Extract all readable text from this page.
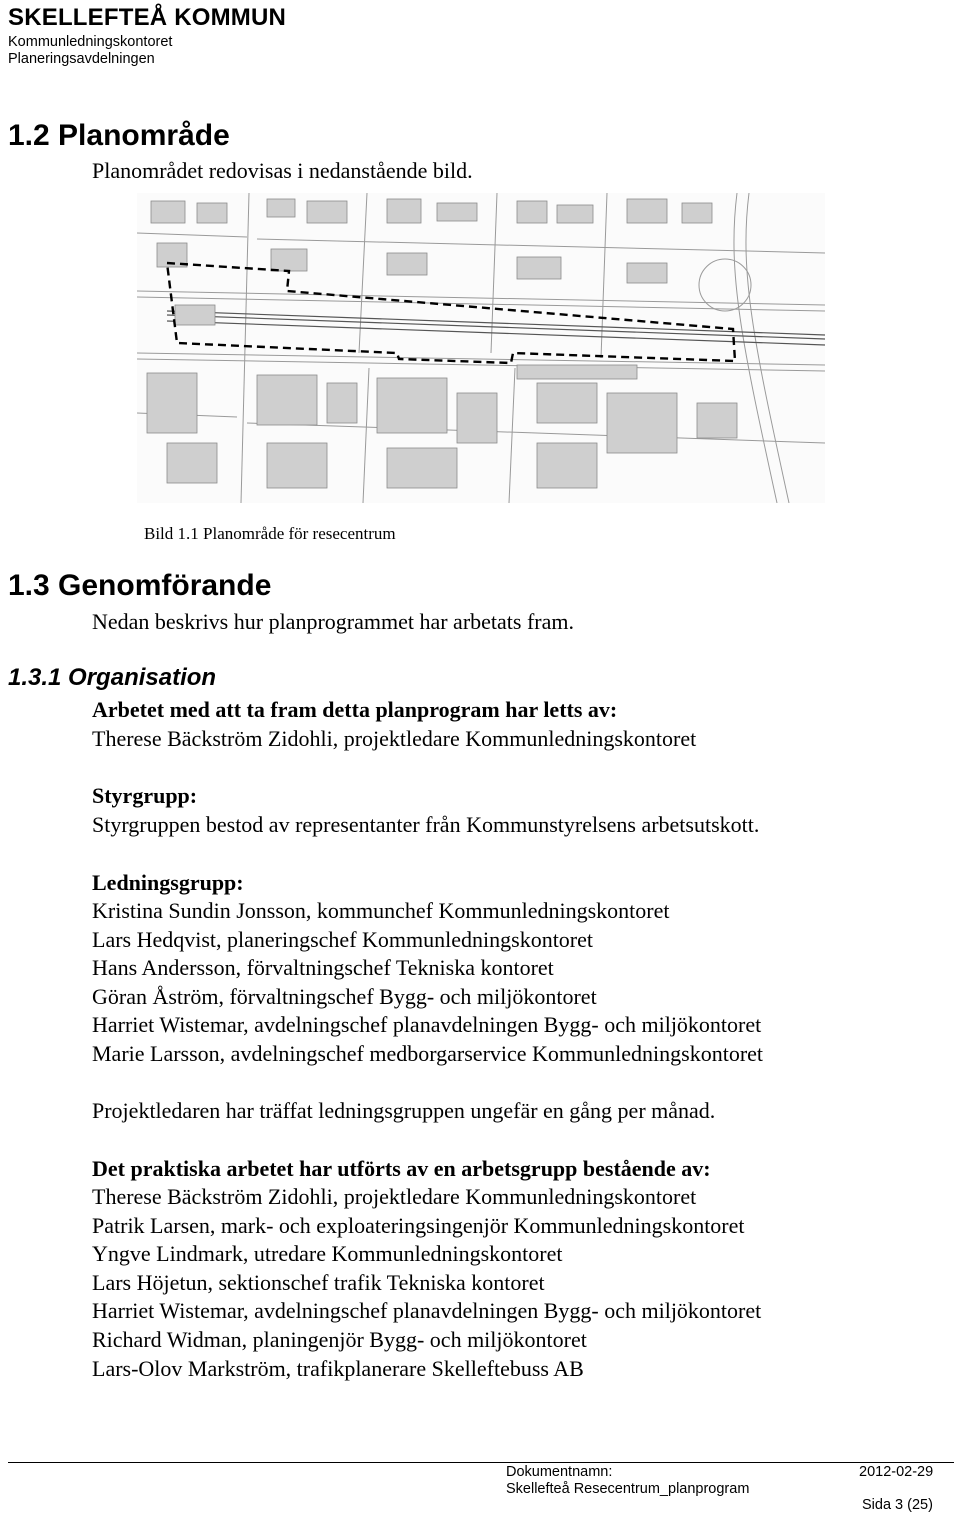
SKELLEFTEÅ KOMMUN
Kommunledningskontoret
Planeringsavdelningen
1.2 Planområde
Planområdet redovisas i nedanstående bild.
Bild 1.1 Planområde för resecentrum
1.3 Genomförande
Nedan beskrivs hur planprogrammet har arbetats fram.
1.3.1 Organisation
Arbetet med att ta fram detta planprogram har letts av:
Therese Bäckström Zidohli, projektledare Kommunledningskontoret
Styrgrupp:
Styrgruppen bestod av representanter från Kommunstyrelsens arbetsutskott.
Ledningsgrupp:
Kristina Sundin Jonsson, kommunchef Kommunledningskontoret
Lars Hedqvist, planeringschef Kommunledningskontoret
Hans Andersson, förvaltningschef Tekniska kontoret
Göran Åström, förvaltningschef Bygg- och miljökontoret
Harriet Wistemar, avdelningschef planavdelningen Bygg- och miljökontoret
Marie Larsson, avdelningschef medborgarservice Kommunledningskontoret
Projektledaren har träffat ledningsgruppen ungefär en gång per månad.
Det praktiska arbetet har utförts av en arbetsgrupp bestående av:
Therese Bäckström Zidohli, projektledare Kommunledningskontoret
Patrik Larsen, mark- och exploateringsingenjör Kommunledningskontoret
Yngve Lindmark, utredare Kommunledningskontoret
Lars Höjetun, sektionschef trafik Tekniska kontoret
Harriet Wistemar, avdelningschef planavdelningen Bygg- och miljökontoret
Richard Widman, planingenjör Bygg- och miljökontoret
Lars-Olov Markström, trafikplanerare Skelleftebuss AB
Dokumentnamn:
Skellefteå Resecentrum_planprogram
2012-02-29
Sida 3 (25)
